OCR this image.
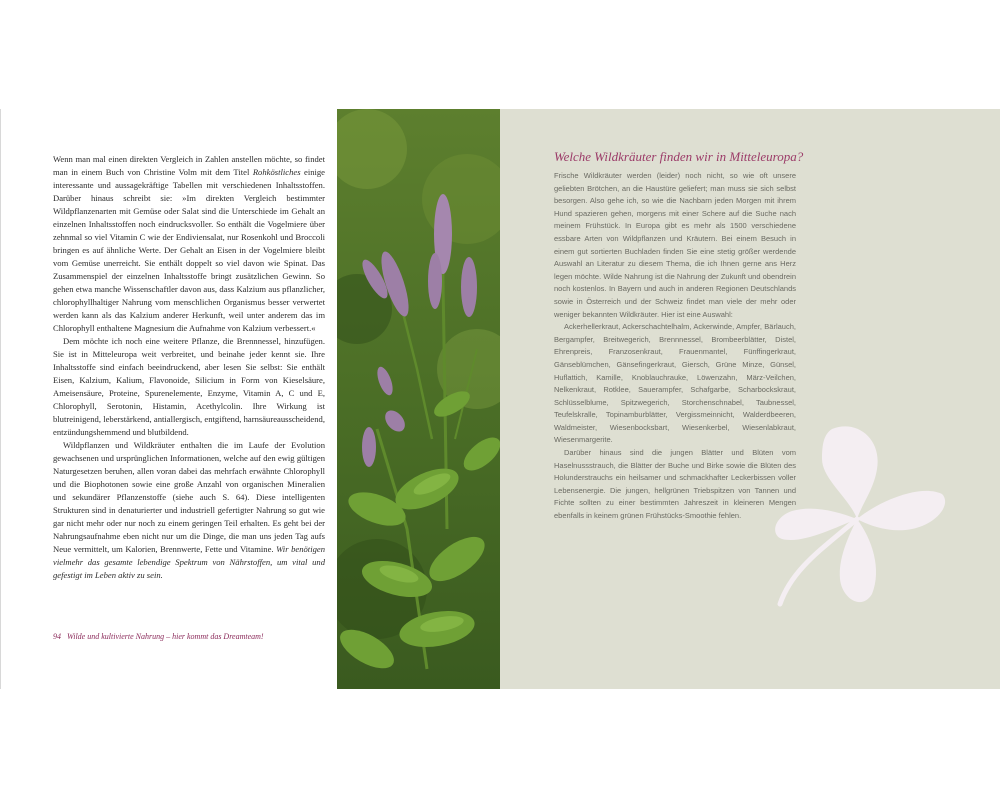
Wenn man mal einen direkten Vergleich in Zahlen anstellen möchte, so findet man in einem Buch von Christine Volm mit dem Titel Rohköstliches einige interessante und aussagekräftige Tabellen mit verschiedenen Inhaltsstoffen. Darüber hinaus schreibt sie: »Im direkten Vergleich bestimmter Wildpflanzenarten mit Gemüse oder Salat sind die Unterschiede im Gehalt an einzelnen Inhaltsstoffen noch eindrucksvoller. So enthält die Vogelmiere über zehnmal so viel Vitamin C wie der Endiviensalat, nur Rosenkohl und Broccoli bringen es auf ähnliche Werte. Der Gehalt an Eisen in der Vogelmiere bleibt vom Gemüse unerreicht. Sie enthält doppelt so viel davon wie Spinat. Das Zusammenspiel der einzelnen Inhaltsstoffe bringt zusätzlichen Gewinn. So gehen etwa manche Wissenschaftler davon aus, dass Kalzium aus pflanzlicher, chlorophyllhaltiger Nahrung vom menschlichen Organismus besser verwertet werden kann als das Kalzium anderer Herkunft, weil unter anderem das im Chlorophyll enthaltene Magnesium die Aufnahme von Kalzium verbessert.«

Dem möchte ich noch eine weitere Pflanze, die Brennnessel, hinzufügen. Sie ist in Mitteleuropa weit verbreitet, und beinahe jeder kennt sie. Ihre Inhaltsstoffe sind einfach beeindruckend, aber lesen Sie selbst: Sie enthält Eisen, Kalzium, Kalium, Flavonoide, Silicium in Form von Kieselsäure, Ameisensäure, Proteine, Spurenelemente, Enzyme, Vitamin A, C und E, Chlorophyll, Serotonin, Histamin, Acethylcolin. Ihre Wirkung ist blutreinigend, leberstärkend, antiallergisch, entgiftend, harnsäureausscheidend, entzündungshemmend und blutbildend.

Wildpflanzen und Wildkräuter enthalten die im Laufe der Evolution gewachsenen und ursprünglichen Informationen, welche auf den ewig gültigen Naturgesetzen beruhen, allen voran dabei das mehrfach erwähnte Chlorophyll und die Biophotonen sowie eine große Anzahl von organischen Mineralien und sekundärer Pflanzenstoffe (siehe auch S. 64). Diese intelligenten Strukturen sind in denaturierter und industriell gefertigter Nahrung so gut wie gar nicht mehr oder nur noch zu einem geringen Teil erhalten. Es geht bei der Nahrungsaufnahme eben nicht nur um die Dinge, die man uns jeden Tag aufs Neue vermittelt, um Kalorien, Brennwerte, Fette und Vitamine. Wir benötigen vielmehr das gesamte lebendige Spektrum von Nährstoffen, um vital und gefestigt im Leben aktiv zu sein.

94 Wilde und kultivierte Nahrung – hier kommt das Dreamteam!
Welche Wildkräuter finden wir in Mitteleuropa?

Frische Wildkräuter werden (leider) noch nicht, so wie oft unsere geliebten Brötchen, an die Haustüre geliefert; man muss sie sich selbst besorgen. Also gehe ich, so wie die Nachbarn jeden Morgen mit ihrem Hund spazieren gehen, morgens mit einer Schere auf die Suche nach meinem Frühstück. In Europa gibt es mehr als 1500 verschiedene essbare Arten von Wildpflanzen und Kräutern. Bei einem Besuch in einem gut sortierten Buchladen finden Sie eine stetig größer werdende Auswahl an Literatur zu diesem Thema, die ich Ihnen gerne ans Herz legen möchte. Wilde Nahrung ist die Nahrung der Zukunft und obendrein noch kostenlos. In Bayern und auch in anderen Regionen Deutschlands sowie in Österreich und der Schweiz findet man viele der mehr oder weniger bekannten Wildkräuter. Hier ist eine Auswahl:

Ackerhellerkraut, Ackerschachtelhalm, Ackerwinde, Ampfer, Bärlauch, Bergampfer, Breitwegerich, Brennnessel, Brombeerblätter, Distel, Ehrenpreis, Franzosenkraut, Frauenmantel, Fünffingerkraut, Gänseblümchen, Gänsefingerkraut, Giersch, Grüne Minze, Günsel, Huflattich, Kamille, Knoblauchrauke, Löwenzahn, März-Veilchen, Nelkenkraut, Rotklee, Sauerampfer, Schafgarbe, Scharbockskraut, Schlüsselblume, Spitzwegerich, Storchenschnabel, Taubnessel, Teufelskralle, Topinamburblätter, Vergissmeinnicht, Walderdbeeren, Waldmeister, Wiesenbocksbart, Wiesenkerbel, Wiesenlabkraut, Wiesenmargerite.

Darüber hinaus sind die jungen Blätter und Blüten vom Haselnussstrauch, die Blätter der Buche und Birke sowie die Blüten des Holunderstrauchs ein heilsamer und schmackhafter Leckerbissen voller Lebensenergie. Die jungen, hellgrünen Triebspitzen von Tannen und Fichte sollten zu einer bestimmten Jahreszeit in kleineren Mengen ebenfalls in keinem grünen Frühstücks-Smoothie fehlen.
